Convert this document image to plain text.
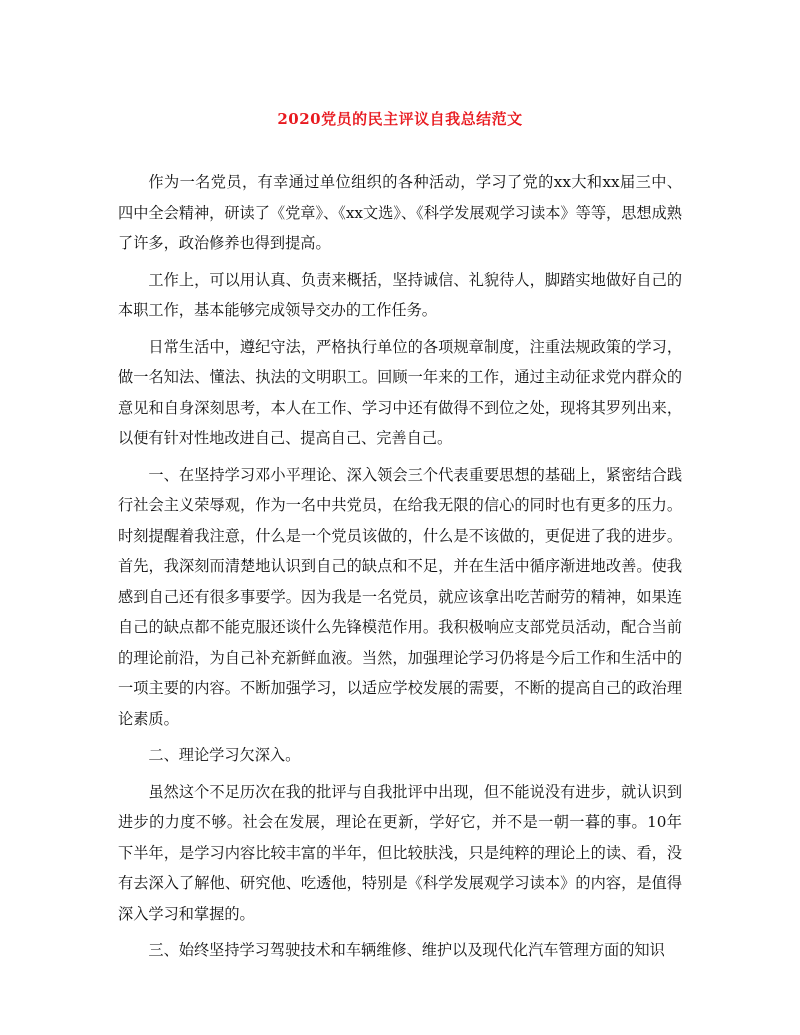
2020党员的民主评议自我总结范文

作为一名党员，有幸通过单位组织的各种活动，学习了党的xx大和xx届三中、四中全会精神，研读了《党章》、《xx文选》、《科学发展观学习读本》等等，思想成熟了许多，政治修养也得到提高。

工作上，可以用认真、负责来概括，坚持诚信、礼貌待人，脚踏实地做好自己的本职工作，基本能够完成领导交办的工作任务。

日常生活中，遵纪守法，严格执行单位的各项规章制度，注重法规政策的学习，做一名知法、懂法、执法的文明职工。回顾一年来的工作，通过主动征求党内群众的意见和自身深刻思考，本人在工作、学习中还有做得不到位之处，现将其罗列出来，以便有针对性地改进自己、提高自己、完善自己。

一、在坚持学习邓小平理论、深入领会三个代表重要思想的基础上，紧密结合践行社会主义荣辱观，作为一名中共党员，在给我无限的信心的同时也有更多的压力。时刻提醒着我注意，什么是一个党员该做的，什么是不该做的，更促进了我的进步。首先，我深刻而清楚地认识到自己的缺点和不足，并在生活中循序渐进地改善。使我感到自己还有很多事要学。因为我是一名党员，就应该拿出吃苦耐劳的精神，如果连自己的缺点都不能克服还谈什么先锋模范作用。我积极响应支部党员活动，配合当前的理论前沿，为自己补充新鲜血液。当然，加强理论学习仍将是今后工作和生活中的一项主要的内容。不断加强学习，以适应学校发展的需要，不断的提高自己的政治理论素质。

二、理论学习欠深入。

虽然这个不足历次在我的批评与自我批评中出现，但不能说没有进步，就认识到进步的力度不够。社会在发展，理论在更新，学好它，并不是一朝一暮的事。10年下半年，是学习内容比较丰富的半年，但比较肤浅，只是纯粹的理论上的读、看，没有去深入了解他、研究他、吃透他，特别是《科学发展观学习读本》的内容，是值得深入学习和掌握的。

三、始终坚持学习驾驶技术和车辆维修、维护以及现代化汽车管理方面的知识
